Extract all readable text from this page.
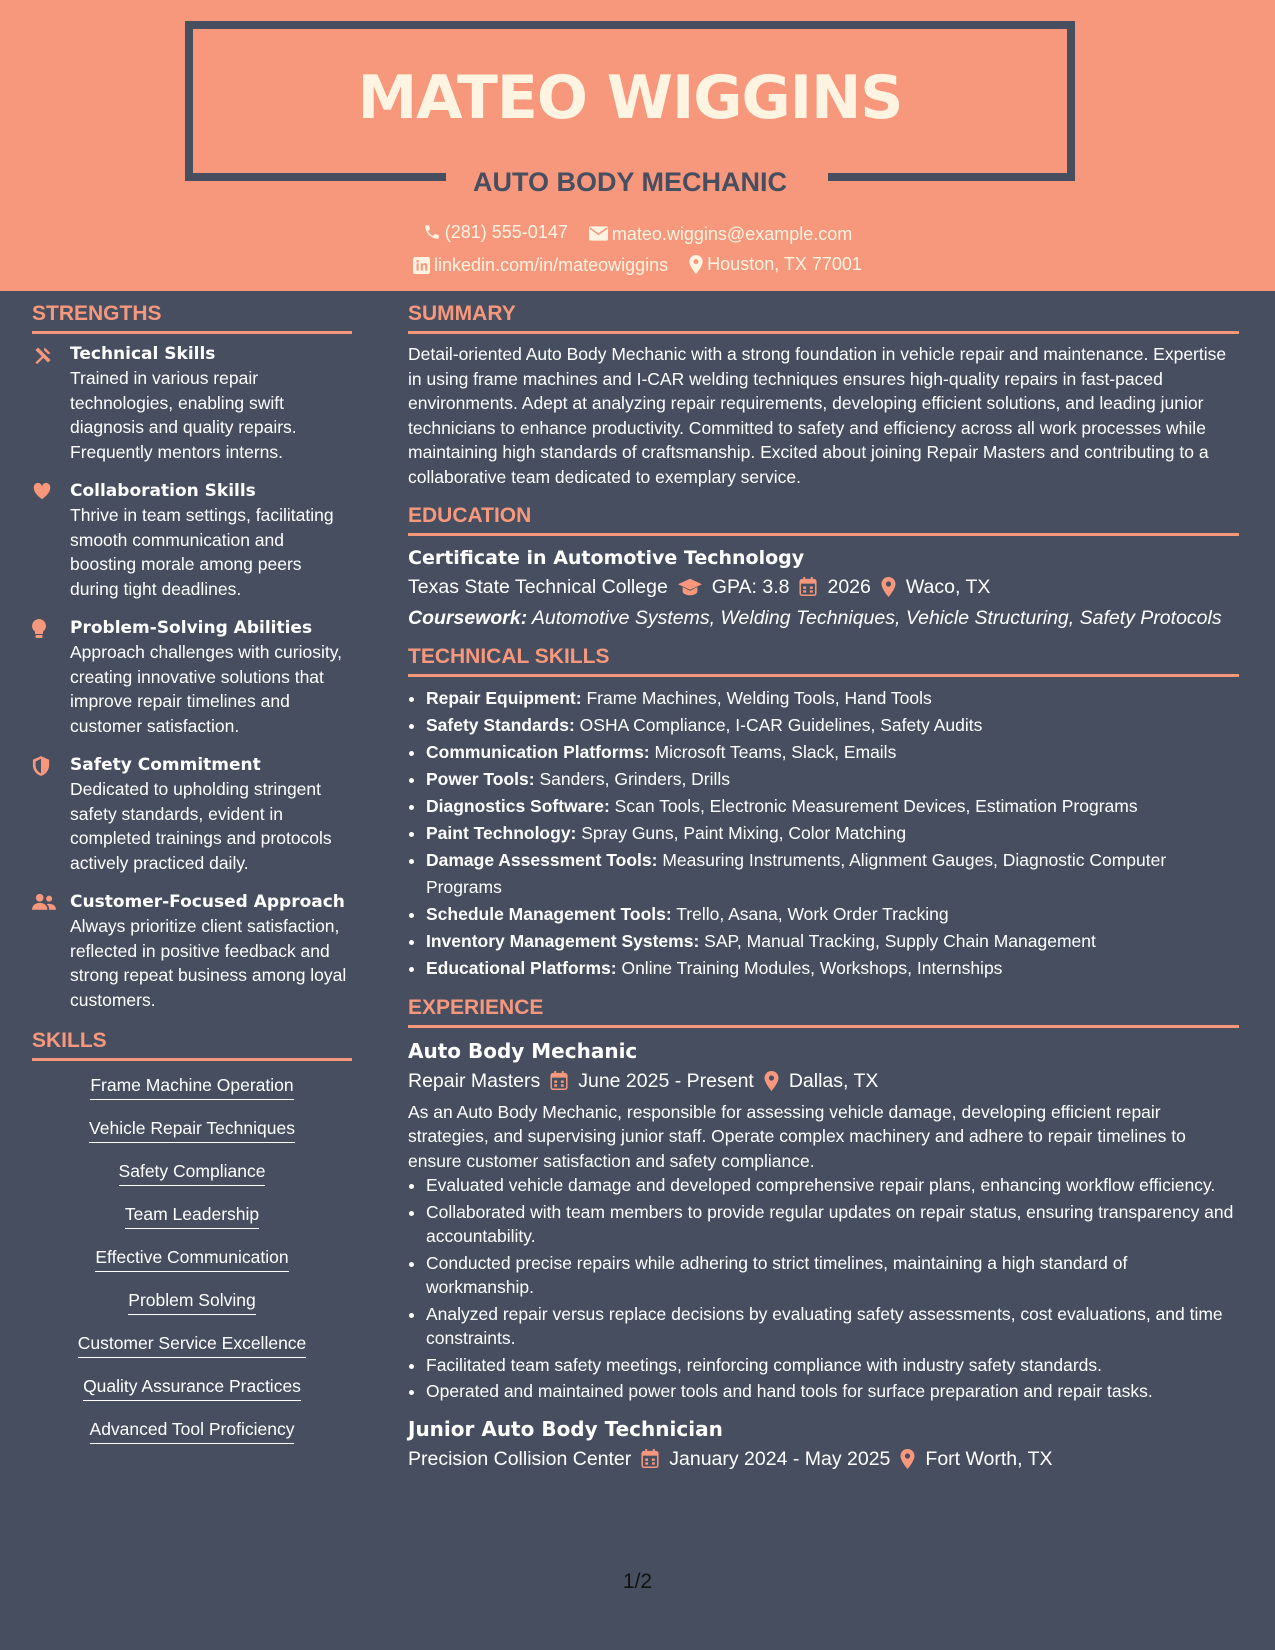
MATEO WIGGINS
AUTO BODY MECHANIC
(281) 555-0147
mateo.wiggins@example.com
linkedin.com/in/mateowiggins
Houston, TX 77001
STRENGTHS
Technical Skills
Trained in various repair technologies, enabling swift diagnosis and quality repairs. Frequently mentors interns.
Collaboration Skills
Thrive in team settings, facilitating smooth communication and boosting morale among peers during tight deadlines.
Problem-Solving Abilities
Approach challenges with curiosity, creating innovative solutions that improve repair timelines and customer satisfaction.
Safety Commitment
Dedicated to upholding stringent safety standards, evident in completed trainings and protocols actively practiced daily.
Customer-Focused Approach
Always prioritize client satisfaction, reflected in positive feedback and strong repeat business among loyal customers.
SKILLS
Frame Machine Operation
Vehicle Repair Techniques
Safety Compliance
Team Leadership
Effective Communication
Problem Solving
Customer Service Excellence
Quality Assurance Practices
Advanced Tool Proficiency
SUMMARY

Detail-oriented Auto Body Mechanic with a strong foundation in vehicle repair and maintenance. Expertise in using frame machines and I-CAR welding techniques ensures high-quality repairs in fast-paced environments. Adept at analyzing repair requirements, developing efficient solutions, and leading junior technicians to enhance productivity. Committed to safety and efficiency across all work processes while maintaining high standards of craftsmanship. Excited about joining Repair Masters and contributing to a collaborative team dedicated to exemplary service.

EDUCATION
Certificate in Automotive Technology
Texas State Technical College GPA: 3.8 2026 Waco, TX
Coursework: Automotive Systems, Welding Techniques, Vehicle Structuring, Safety Protocols
TECHNICAL SKILLS
• Repair Equipment: Frame Machines, Welding Tools, Hand Tools
• Safety Standards: OSHA Compliance, I-CAR Guidelines, Safety Audits
• Communication Platforms: Microsoft Teams, Slack, Emails
• Power Tools: Sanders, Grinders, Drills
• Diagnostics Software: Scan Tools, Electronic Measurement Devices, Estimation Programs
• Paint Technology: Spray Guns, Paint Mixing, Color Matching
• Damage Assessment Tools: Measuring Instruments, Alignment Gauges, Diagnostic Computer Programs
• Schedule Management Tools: Trello, Asana, Work Order Tracking
• Inventory Management Systems: SAP, Manual Tracking, Supply Chain Management
• Educational Platforms: Online Training Modules, Workshops, Internships
EXPERIENCE
Auto Body Mechanic
Repair Masters June 2025 - Present Dallas, TX

As an Auto Body Mechanic, responsible for assessing vehicle damage, developing efficient repair strategies, and supervising junior staff. Operate complex machinery and adhere to repair timelines to ensure customer satisfaction and safety compliance.

• Evaluated vehicle damage and developed comprehensive repair plans, enhancing workflow efficiency.
• Collaborated with team members to provide regular updates on repair status, ensuring transparency and accountability.
• Conducted precise repairs while adhering to strict timelines, maintaining a high standard of workmanship.
• Analyzed repair versus replace decisions by evaluating safety assessments, cost evaluations, and time constraints.
• Facilitated team safety meetings, reinforcing compliance with industry safety standards.
• Operated and maintained power tools and hand tools for surface preparation and repair tasks.
Junior Auto Body Technician
Precision Collision Center January 2024 - May 2025 Fort Worth, TX
1/2
